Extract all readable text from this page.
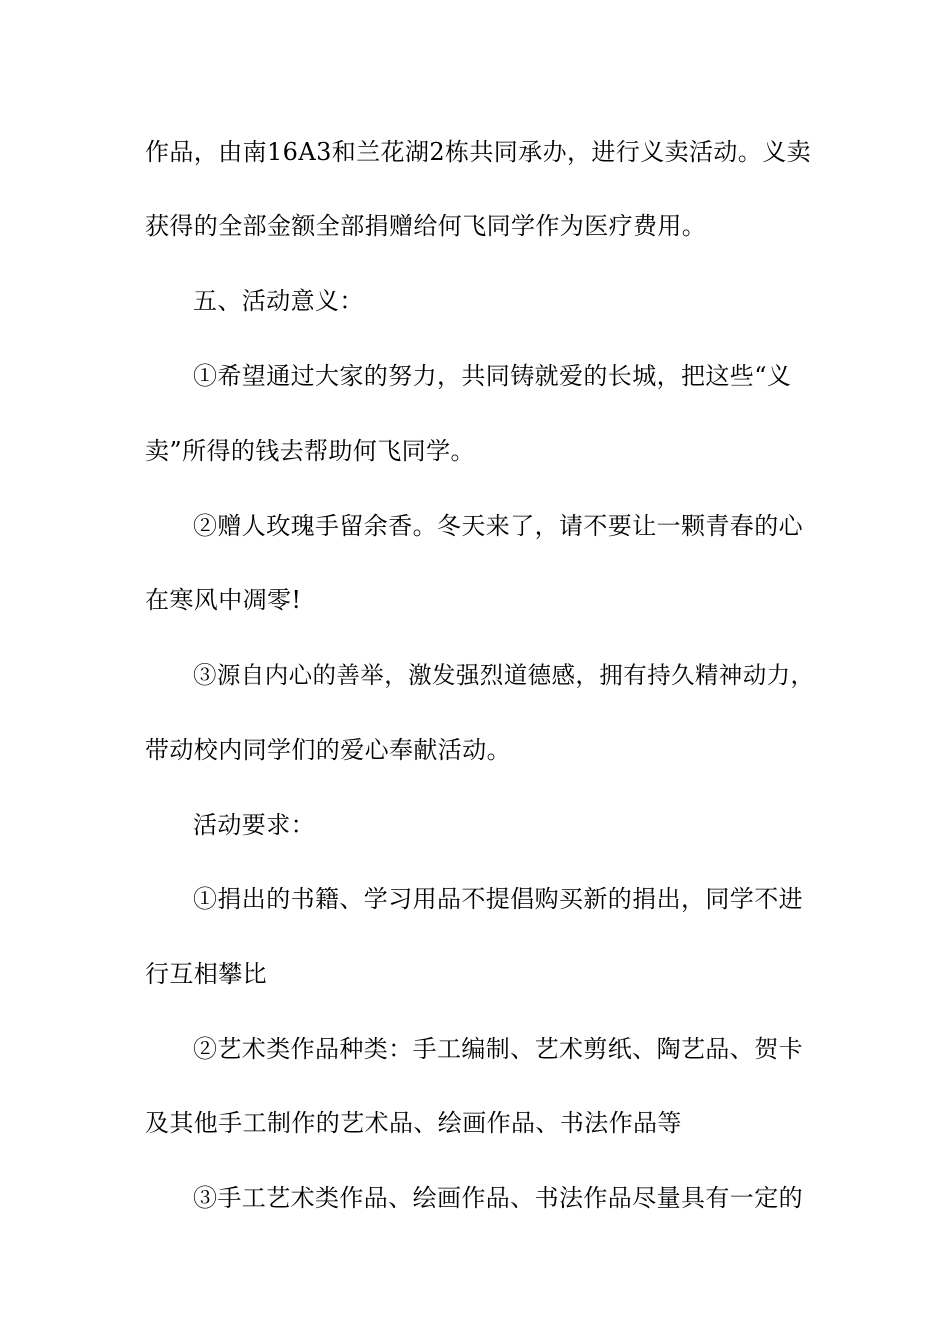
作品，由南16A3和兰花湖2栋共同承办，进行义卖活动。义卖
获得的全部金额全部捐赠给何飞同学作为医疗费用。
五、活动意义：
①希望通过大家的努力，共同铸就爱的长城，把这些“义
卖”所得的钱去帮助何飞同学。
②赠人玫瑰手留余香。冬天来了，请不要让一颗青春的心
在寒风中凋零!
③源自内心的善举，激发强烈道德感，拥有持久精神动力，
带动校内同学们的爱心奉献活动。
活动要求：
①捐出的书籍、学习用品不提倡购买新的捐出，同学不进
行互相攀比
②艺术类作品种类：手工编制、艺术剪纸、陶艺品、贺卡
及其他手工制作的艺术品、绘画作品、书法作品等
③手工艺术类作品、绘画作品、书法作品尽量具有一定的
